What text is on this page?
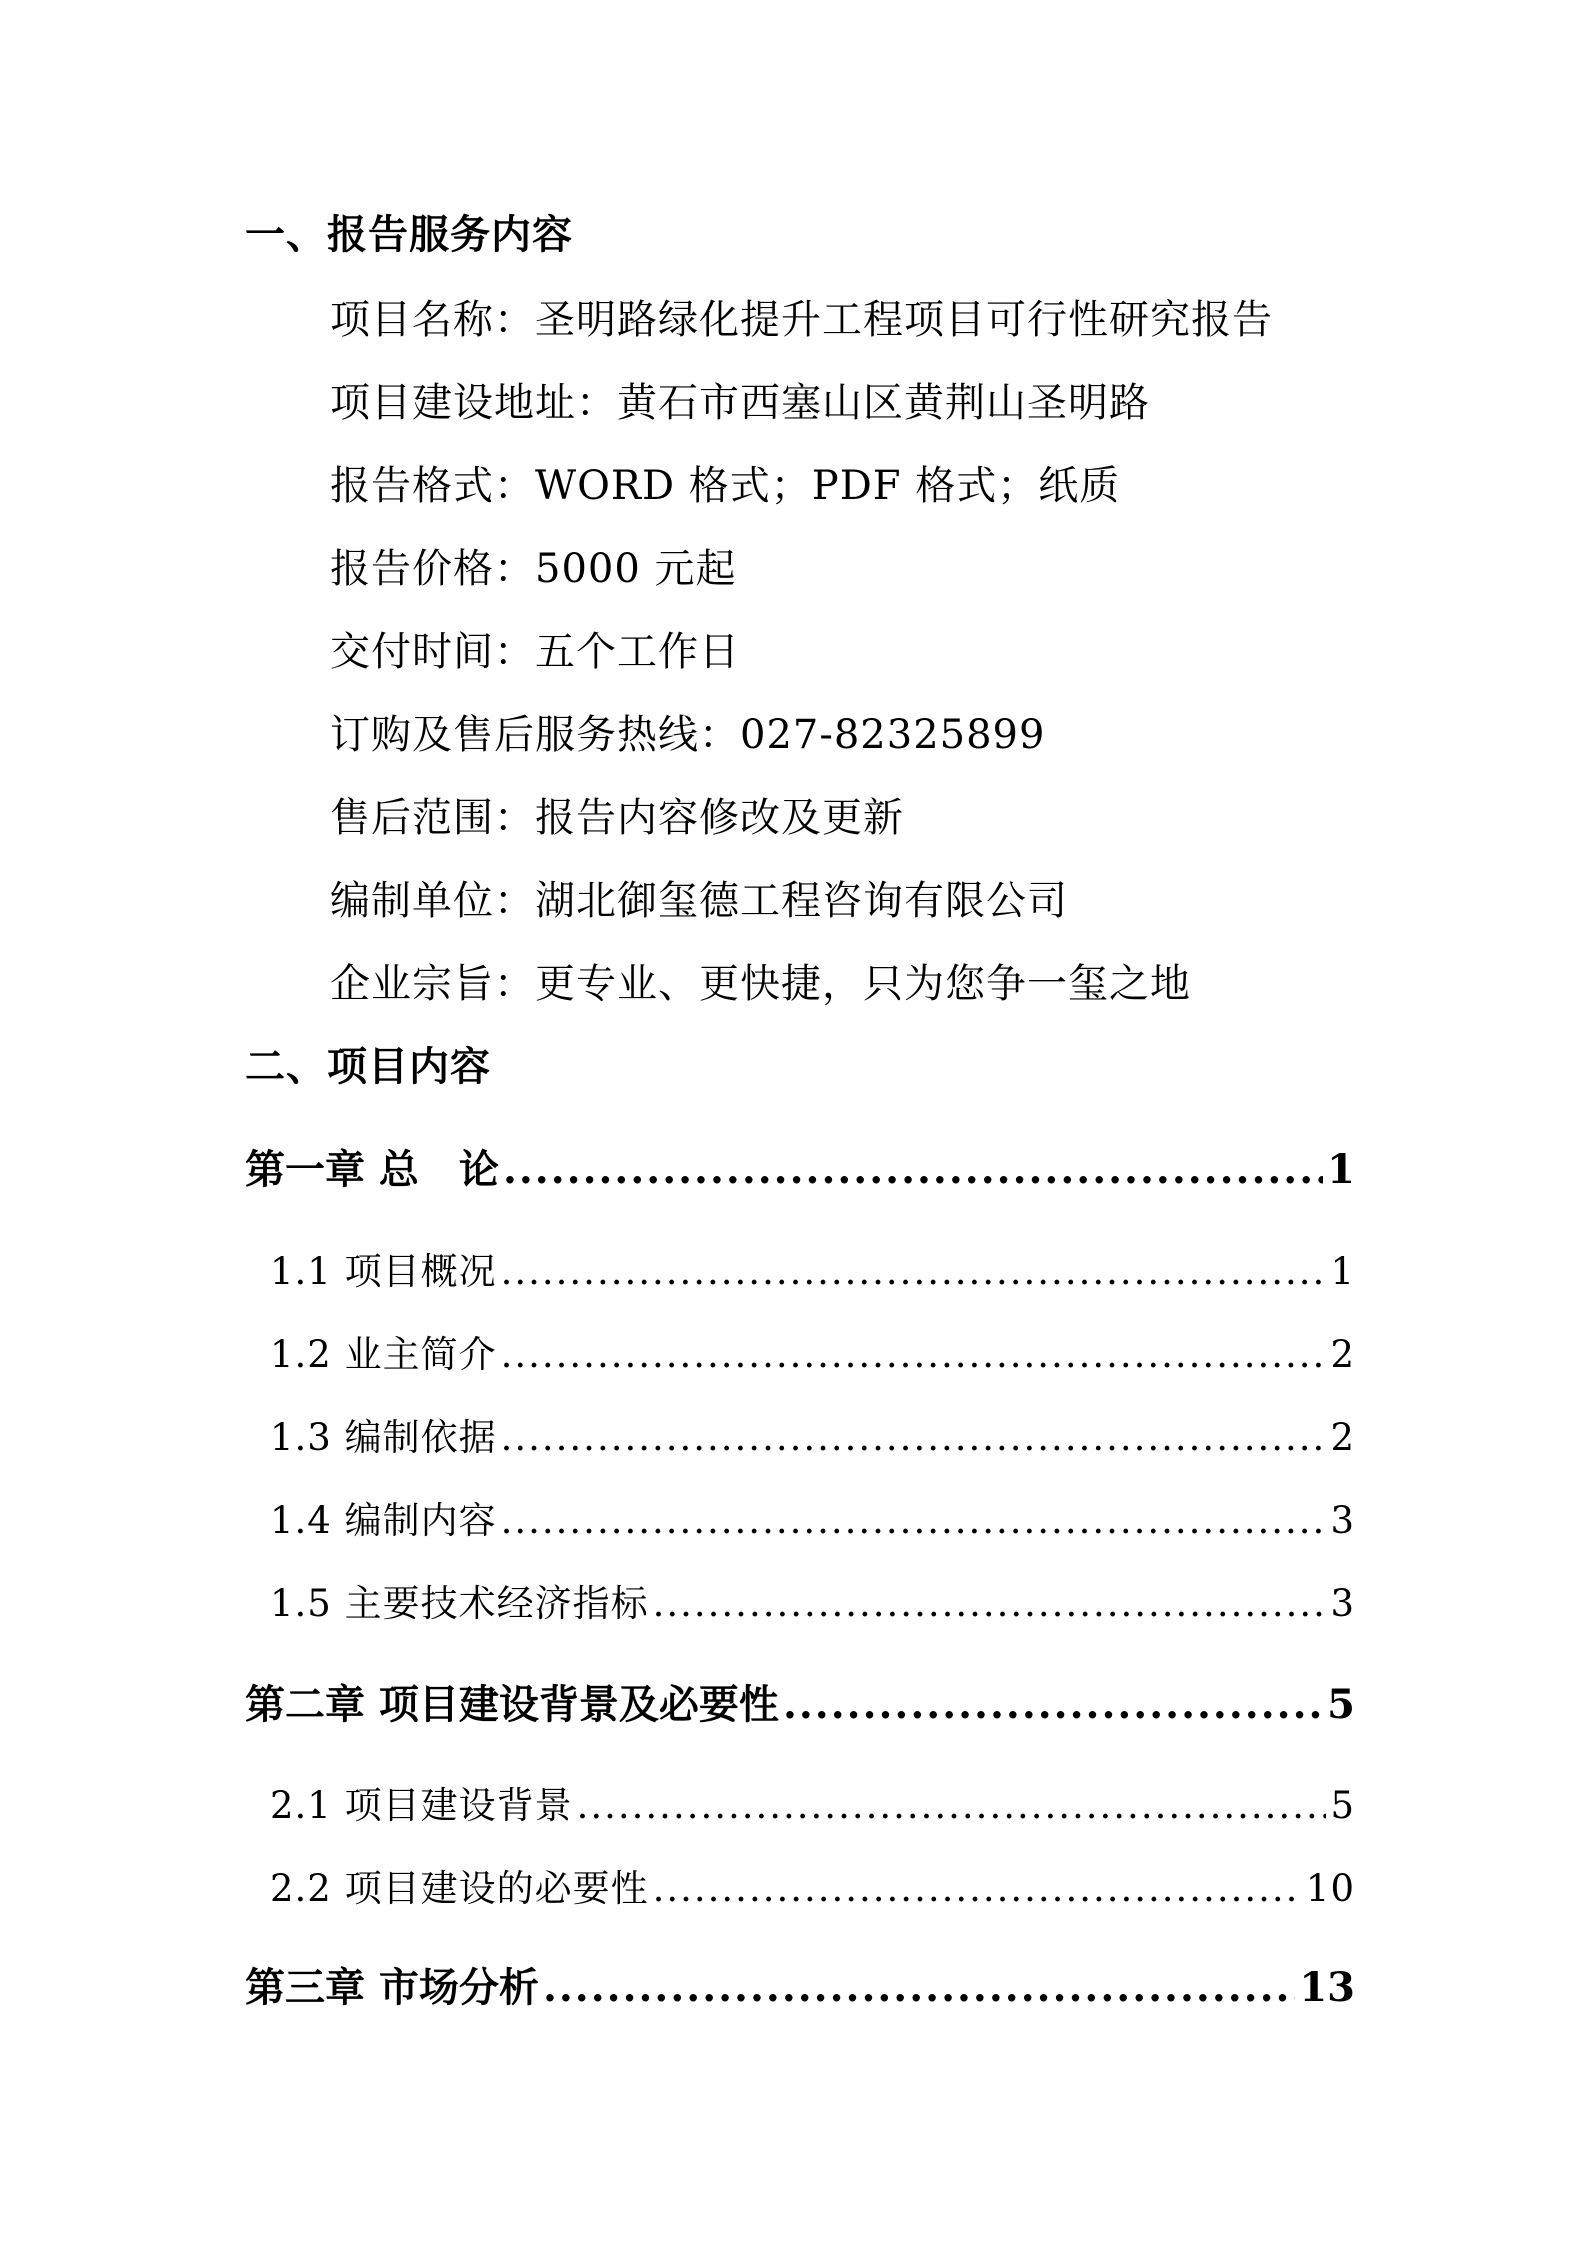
一、报告服务内容
项目名称：圣明路绿化提升工程项目可行性研究报告
项目建设地址：黄石市西塞山区黄荆山圣明路
报告格式：WORD 格式；PDF 格式；纸质
报告价格：5000 元起
交付时间：五个工作日
订购及售后服务热线：027-82325899
售后范围：报告内容修改及更新
编制单位：湖北御玺德工程咨询有限公司
企业宗旨：更专业、更快捷，只为您争一玺之地
二、项目内容
第一章 总　论 .....	1
1.1 项目概况 .....	1
1.2 业主简介 .....	2
1.3 编制依据 .....	2
1.4 编制内容 .....	3
1.5 主要技术经济指标 .....	3
第二章 项目建设背景及必要性 .....	5
2.1 项目建设背景 .....	5
2.2 项目建设的必要性 .....	10
第三章 市场分析 .....	13
